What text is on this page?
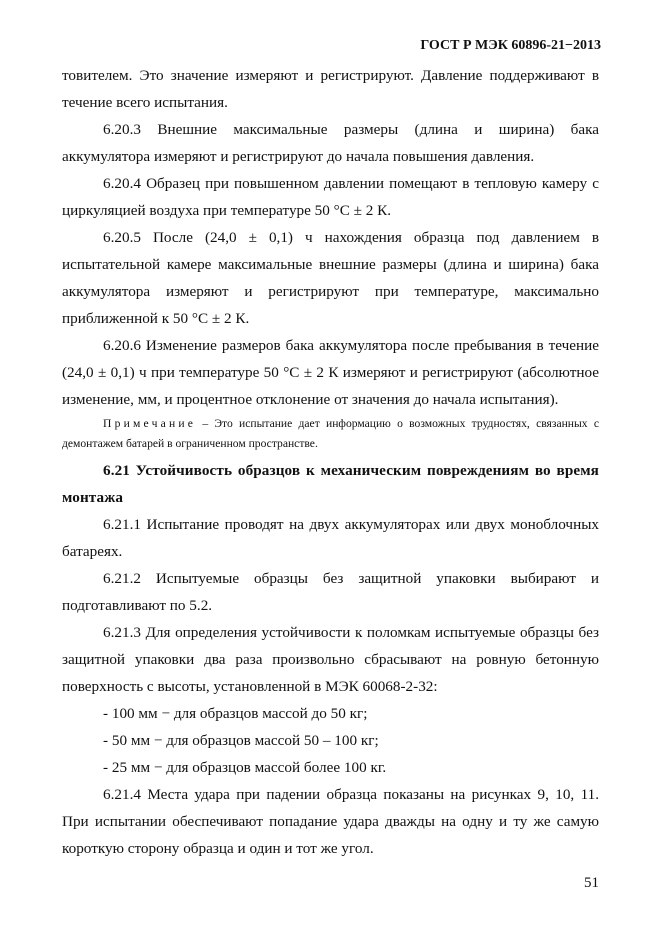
ГОСТ Р МЭК 60896-21−2013

товителем. Это значение измеряют и регистрируют. Давление поддерживают в течение всего испытания.

6.20.3 Внешние максимальные размеры (длина и ширина) бака аккумулятора измеряют и регистрируют до начала повышения давления.

6.20.4 Образец при повышенном давлении помещают в тепловую камеру с циркуляцией воздуха при температуре 50 °С ± 2 К.

6.20.5 После (24,0 ± 0,1) ч нахождения образца под давлением в испытательной камере максимальные внешние размеры (длина и ширина) бака аккумулятора измеряют и регистрируют при температуре, максимально приближенной к 50 °С ± 2 К.

6.20.6 Изменение размеров бака аккумулятора после пребывания в течение (24,0 ± 0,1) ч при температуре 50 °С ± 2 К измеряют и регистрируют (абсолютное изменение, мм, и процентное отклонение от значения до начала испытания).

Примечание – Это испытание дает информацию о возможных трудностях, связанных с демонтажем батарей в ограниченном пространстве.

6.21 Устойчивость образцов к механическим повреждениям во время монтажа

6.21.1 Испытание проводят на двух аккумуляторах или двух моноблочных батареях.

6.21.2 Испытуемые образцы без защитной упаковки выбирают и подготавливают по 5.2.

6.21.3 Для определения устойчивости к поломкам испытуемые образцы без защитной упаковки два раза произвольно сбрасывают на ровную бетонную поверхность с высоты, установленной в МЭК 60068-2-32:

- 100 мм − для образцов массой до 50 кг;

- 50 мм − для образцов массой 50 – 100 кг;

- 25 мм − для образцов массой более 100 кг.

6.21.4 Места удара при падении образца показаны на рисунках 9, 10, 11. При испытании обеспечивают попадание удара дважды на одну и ту же самую короткую сторону образца и один и тот же угол.

51
